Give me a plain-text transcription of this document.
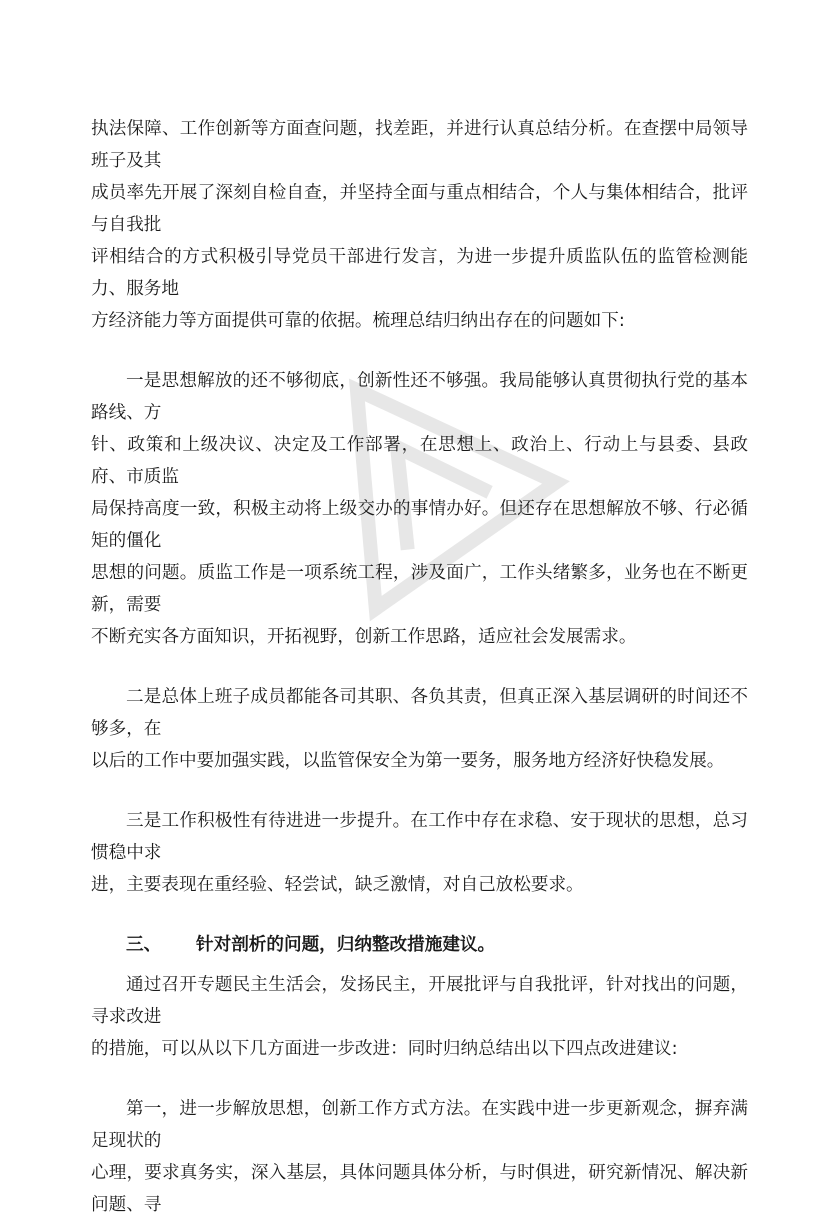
执法保障、工作创新等方面查问题，找差距，并进行认真总结分析。在查摆中局领导班子及其
成员率先开展了深刻自检自查，并坚持全面与重点相结合，个人与集体相结合，批评与自我批
评相结合的方式积极引导党员干部进行发言，为进一步提升质监队伍的监管检测能力、服务地
方经济能力等方面提供可靠的依据。梳理总结归纳出存在的问题如下:

一是思想解放的还不够彻底，创新性还不够强。我局能够认真贯彻执行党的基本路线、方
针、政策和上级决议、决定及工作部署，在思想上、政治上、行动上与县委、县政府、市质监
局保持高度一致，积极主动将上级交办的事情办好。但还存在思想解放不够、行必循矩的僵化
思想的问题。质监工作是一项系统工程，涉及面广，工作头绪繁多，业务也在不断更新，需要
不断充实各方面知识，开拓视野，创新工作思路，适应社会发展需求。

二是总体上班子成员都能各司其职、各负其责，但真正深入基层调研的时间还不够多，在
以后的工作中要加强实践，以监管保安全为第一要务，服务地方经济好快稳发展。

三是工作积极性有待进进一步提升。在工作中存在求稳、安于现状的思想，总习惯稳中求
进，主要表现在重经验、轻尝试，缺乏激情，对自己放松要求。

三、	针对剖析的问题，归纳整改措施建议。

通过召开专题民主生活会，发扬民主，开展批评与自我批评，针对找出的问题，寻求改进
的措施，可以从以下几方面进一步改进：同时归纳总结出以下四点改进建议:

第一，进一步解放思想，创新工作方式方法。在实践中进一步更新观念，摒弃满足现状的
心理，要求真务实，深入基层，具体问题具体分析，与时俱进，研究新情况、解决新问题、寻
